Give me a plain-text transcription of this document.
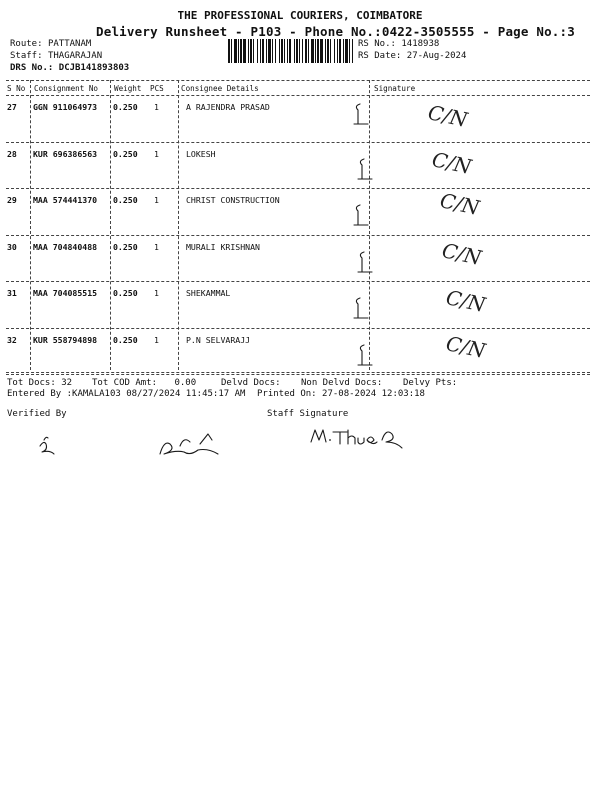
THE PROFESSIONAL COURIERS, COIMBATORE
Delivery Runsheet - P103 - Phone No.:0422-3505555 - Page No.:3
Route: PATTANAM
Staff: THAGARAJAN
DRS No.: DCJB141893803
RS No.: 1418938
RS Date: 27-Aug-2024
S No Consignment No Weight PCS Consignee Details	Signature
27 GGN 911064973 0.250 1	A RAJENDRA PRASAD	C/N
28 KUR 696386563 0.250 1	LOKESH	C/N
29 MAA 574441370 0.250 1	CHRIST CONSTRUCTION	C/N
30 MAA 704840488 0.250 1	MURALI KRISHNAN	C/N
31 MAA 704085515 0.250 1	SHEKAMMAL	C/N
32 KUR 558794898 0.250 1	P.N SELVARAJJ	C/N
Tot Docs: 32 Tot COD Amt: 0.00	Delvd Docs: Non Delvd Docs: Delvy Pts:
Entered By :KAMALA103 08/27/2024 11:45:17 AM Printed On: 27-08-2024 12:03:18
Verified By	Staff Signature
